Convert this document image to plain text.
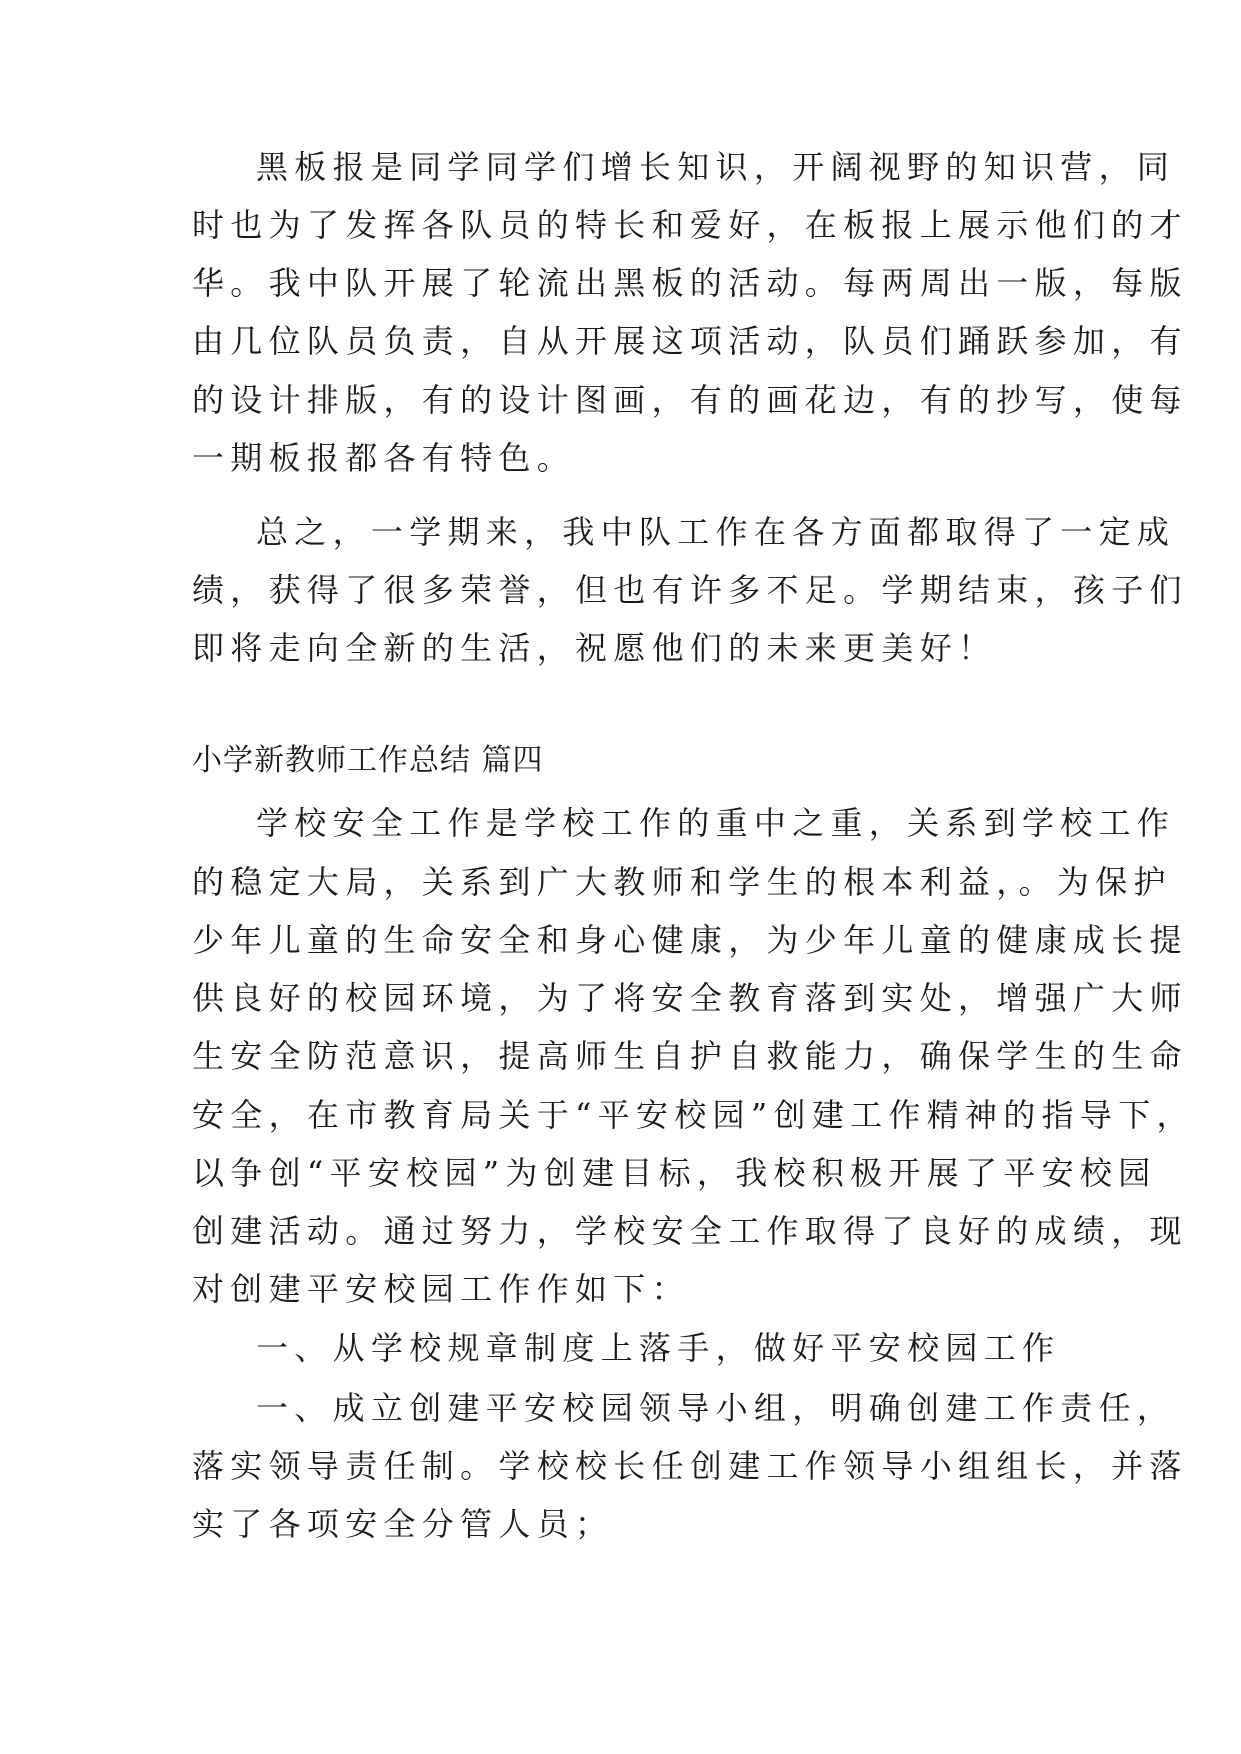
黑板报是同学同学们增长知识，开阔视野的知识营，同
时也为了发挥各队员的特长和爱好，在板报上展示他们的才
华。我中队开展了轮流出黑板的活动。每两周出一版，每版
由几位队员负责，自从开展这项活动，队员们踊跃参加，有
的设计排版，有的设计图画，有的画花边，有的抄写，使每
一期板报都各有特色。
总之，一学期来，我中队工作在各方面都取得了一定成
绩，获得了很多荣誉，但也有许多不足。学期结束，孩子们
即将走向全新的生活，祝愿他们的未来更美好！
小学新教师工作总结 篇四
学校安全工作是学校工作的重中之重，关系到学校工作
的稳定大局，关系到广大教师和学生的根本利益，。为保护
少年儿童的生命安全和身心健康，为少年儿童的健康成长提
供良好的校园环境，为了将安全教育落到实处，增强广大师
生安全防范意识，提高师生自护自救能力，确保学生的生命
安全，在市教育局关于“平安校园”创建工作精神的指导下，
以争创“平安校园”为创建目标，我校积极开展了平安校园
创建活动。通过努力，学校安全工作取得了良好的成绩，现
对创建平安校园工作作如下：
一、从学校规章制度上落手，做好平安校园工作
一、成立创建平安校园领导小组，明确创建工作责任，
落实领导责任制。学校校长任创建工作领导小组组长，并落
实了各项安全分管人员；
